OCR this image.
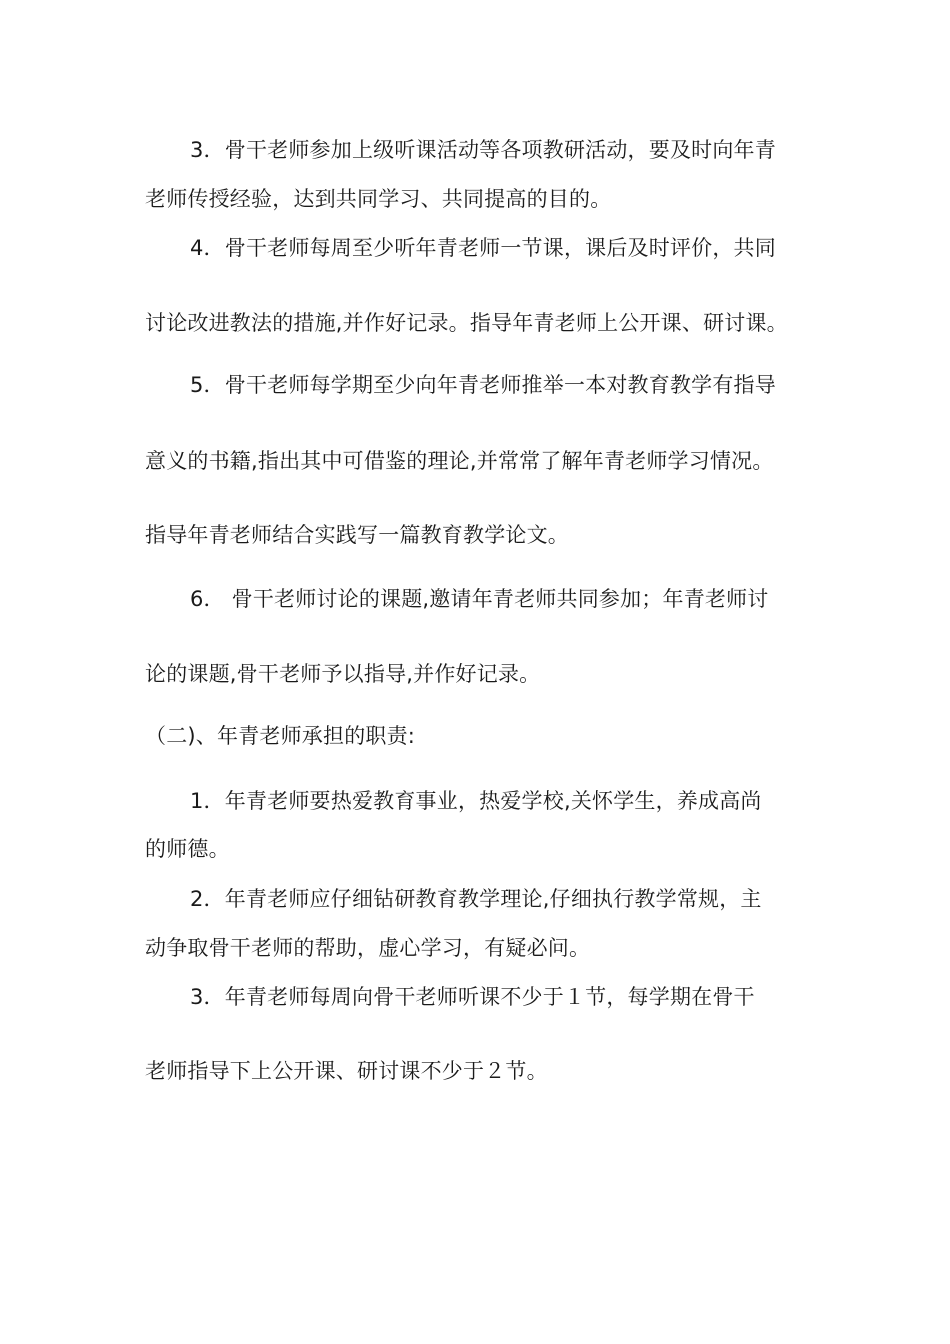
3．骨干老师参加上级听课活动等各项教研活动，要及时向年青
老师传授经验，达到共同学习、共同提高的目的。
4．骨干老师每周至少听年青老师一节课，课后及时评价，共同
讨论改进教法的措施,并作好记录。指导年青老师上公开课、研讨课。
5．骨干老师每学期至少向年青老师推举一本对教育教学有指导
意义的书籍,指出其中可借鉴的理论,并常常了解年青老师学习情况。
指导年青老师结合实践写一篇教育教学论文。
6． 骨干老师讨论的课题,邀请年青老师共同参加；年青老师讨
论的课题,骨干老师予以指导,并作好记录。
（二)、年青老师承担的职责:
1．年青老师要热爱教育事业，热爱学校,关怀学生，养成高尚
的师德。
2．年青老师应仔细钻研教育教学理论,仔细执行教学常规，主
动争取骨干老师的帮助，虚心学习，有疑必问。
3．年青老师每周向骨干老师听课不少于１节，每学期在骨干
老师指导下上公开课、研讨课不少于２节。
